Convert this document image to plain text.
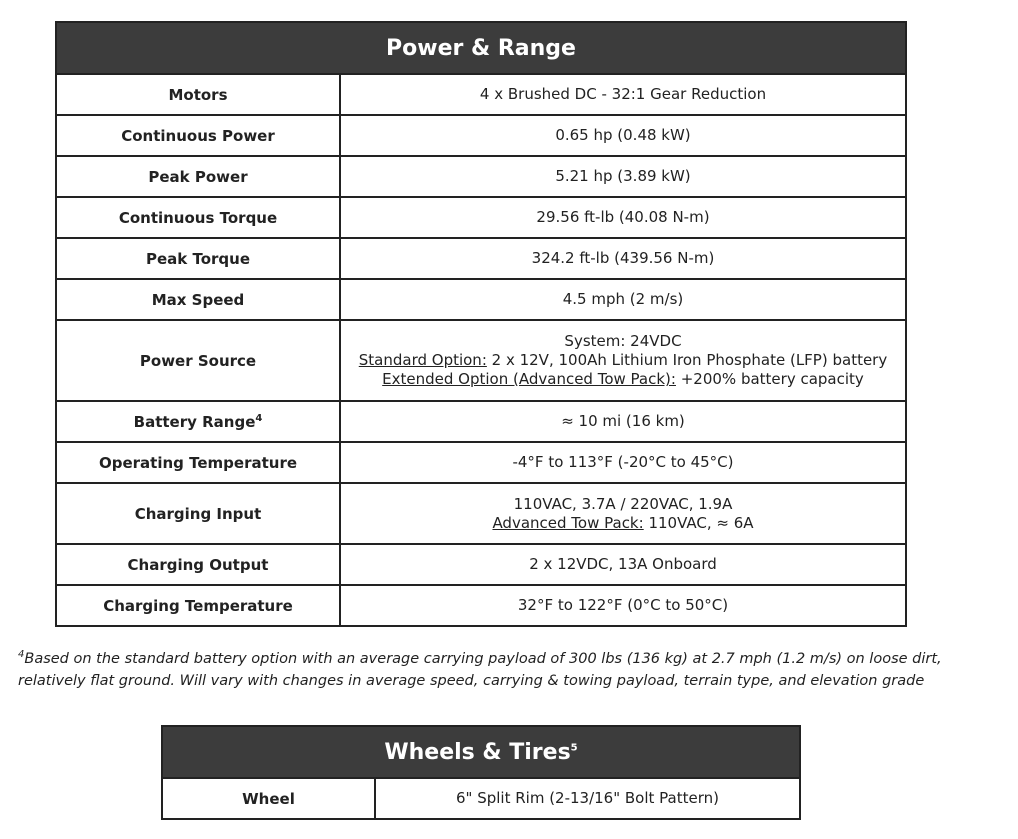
Power & Range	
Motors	4 x Brushed DC - 32:1 Gear Reduction
Continuous Power	0.65 hp (0.48 kW)
Peak Power	5.21 hp (3.89 kW)
Continuous Torque	29.56 ft-lb (40.08 N-m)
Peak Torque	324.2 ft-lb (439.56 N-m)
Max Speed	4.5 mph (2 m/s)
Power Source	System: 24VDC
Standard Option: 2 x 12V, 100Ah Lithium Iron Phosphate (LFP) battery
Extended Option (Advanced Tow Pack): +200% battery capacity

Battery Range$^4$	≈ 10 mi (16 km)
Operating Temperature	-4°F to 113°F (-20°C to 45°C)
Charging Input	110VAC, 3.7A / 220VAC, 1.9A
Advanced Tow Pack: 110VAC, ≈ 6A

Charging Output	2 x 12VDC, 13A Onboard
Charging Temperature	32°F to 122°F (0°C to 50°C)
$^4$Based on the standard battery option with an average carrying payload of 300 lbs (136 kg) at 2.7 mph (1.2 m/s) on loose dirt, relatively flat ground. Will vary with changes in average speed, carrying & towing payload, terrain type, and elevation grade
Wheels & Tires$^5$
Wheel	6" Split Rim (2-13/16" Bolt Pattern)
